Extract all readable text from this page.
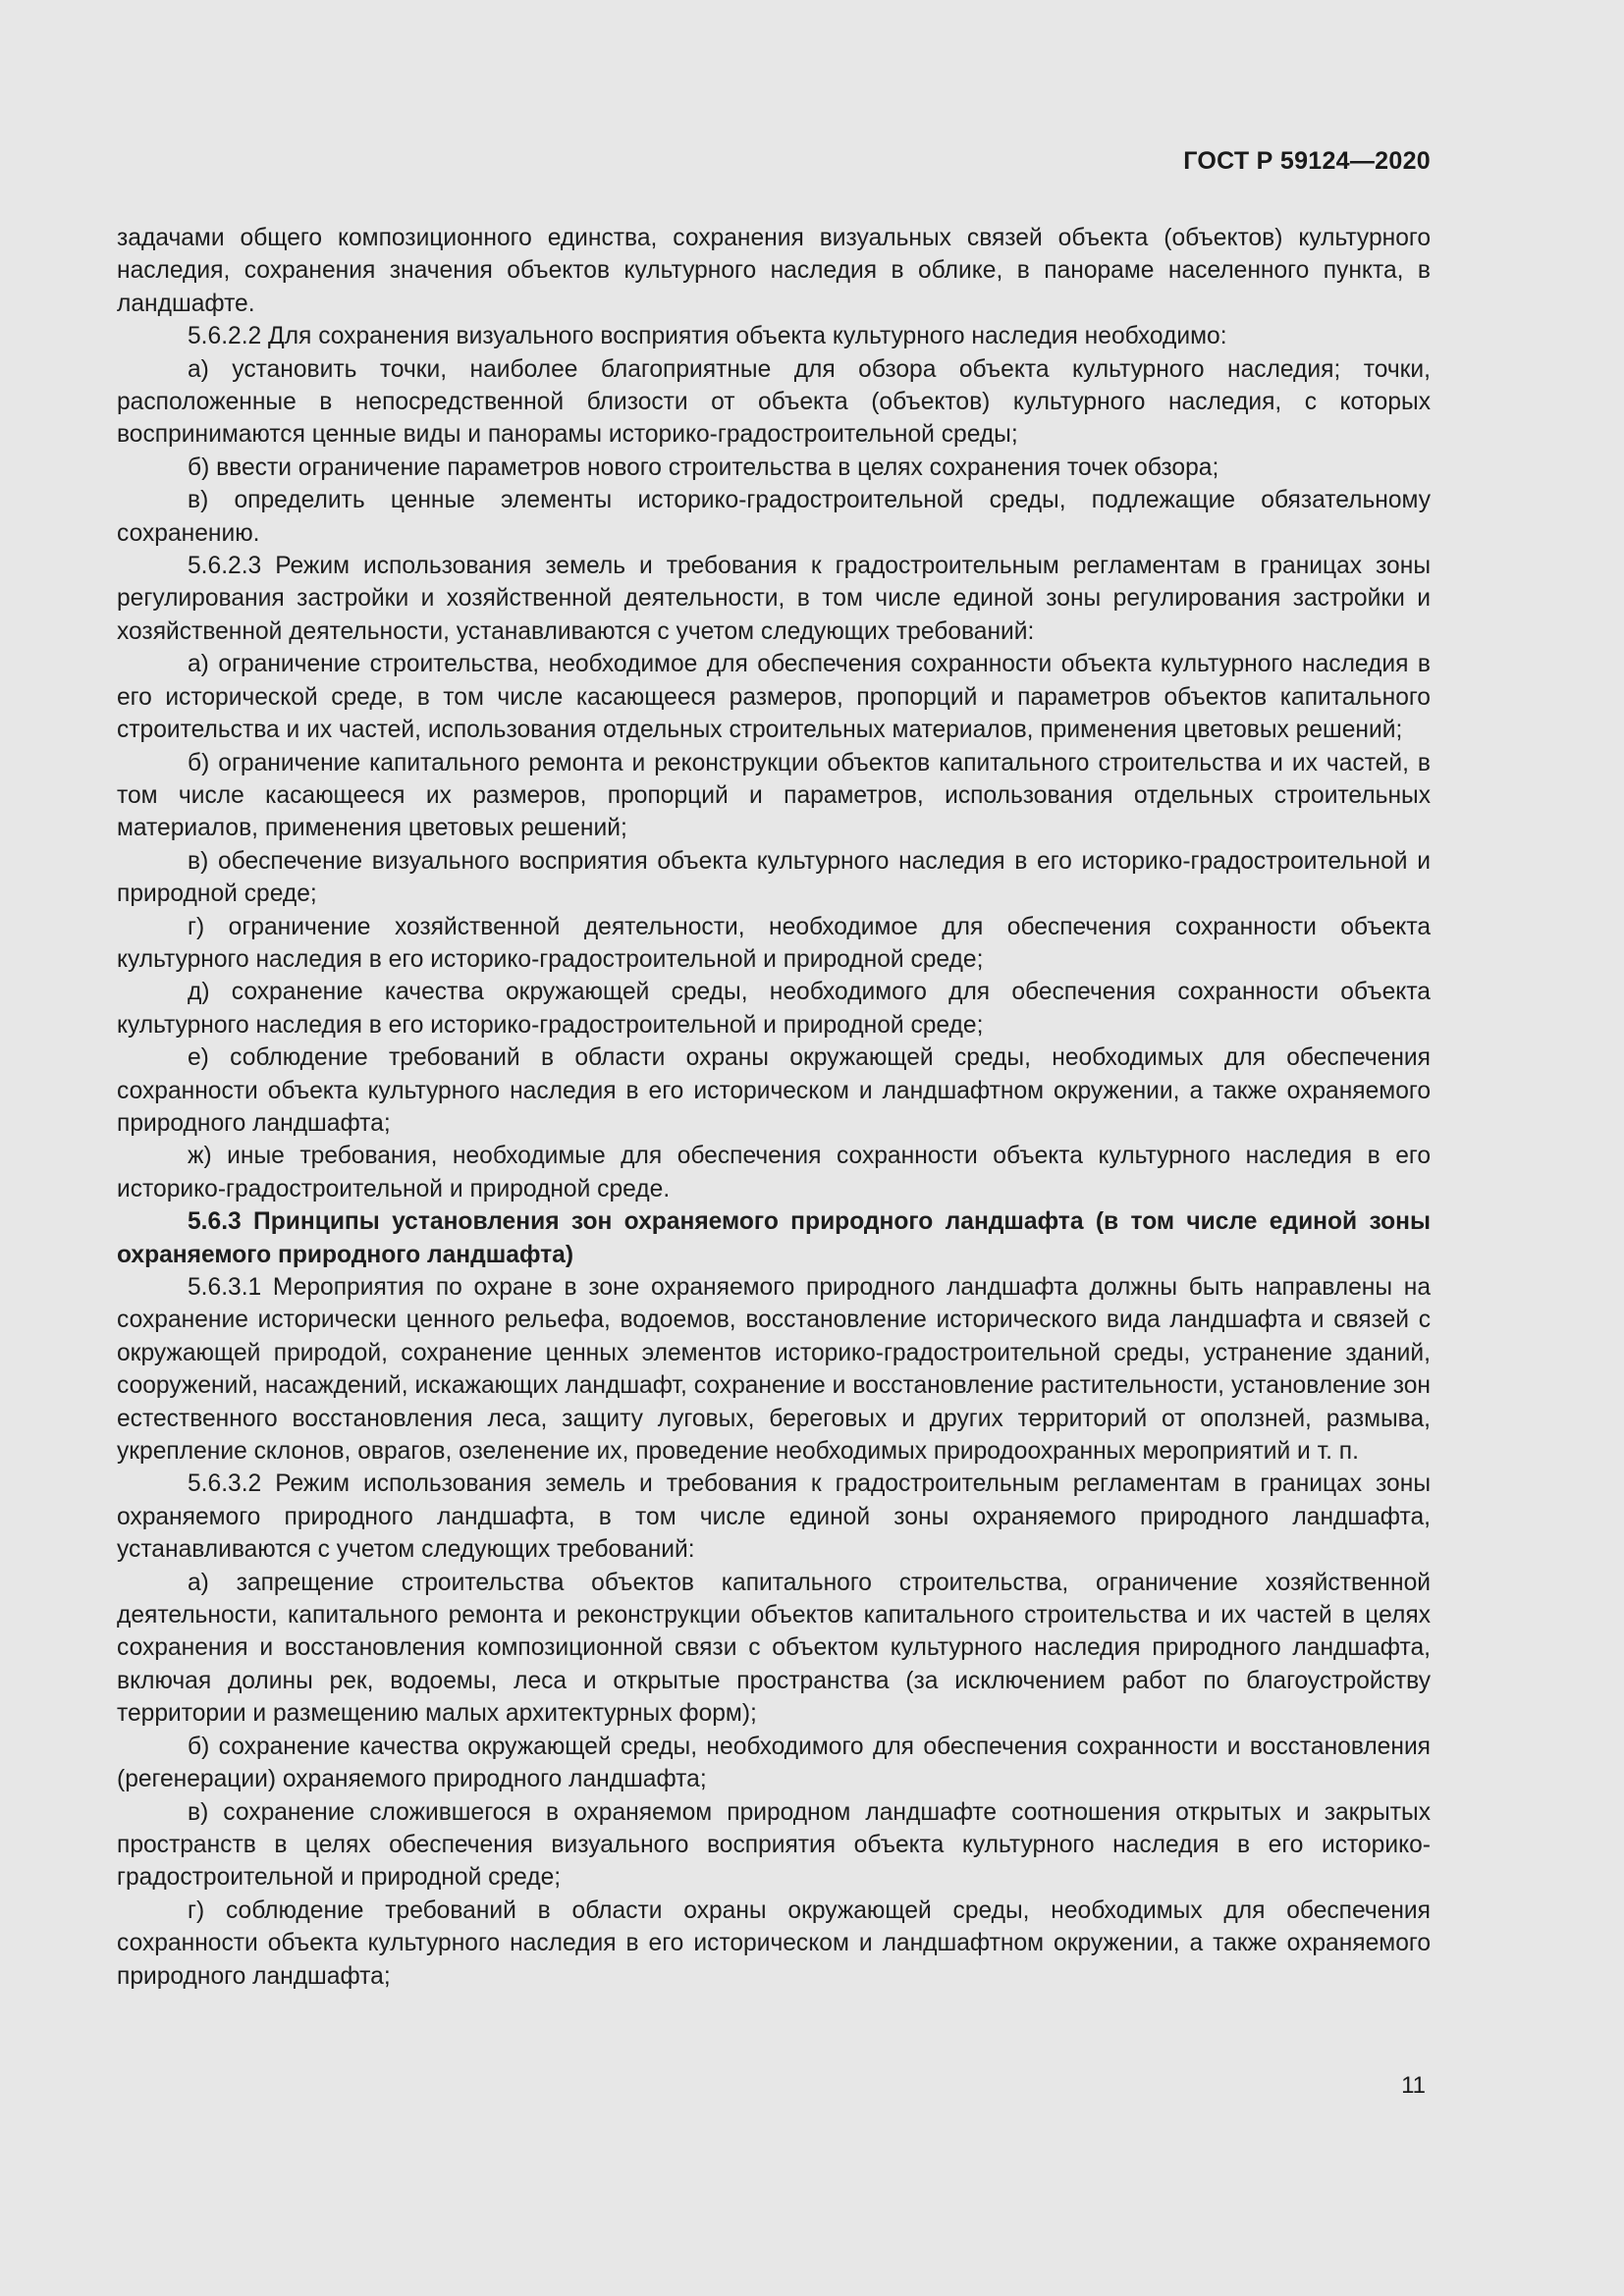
ГОСТ Р 59124—2020

задачами общего композиционного единства, сохранения визуальных связей объекта (объектов) культурного наследия, сохранения значения объектов культурного наследия в облике, в панораме населенного пункта, в ландшафте.

5.6.2.2 Для сохранения визуального восприятия объекта культурного наследия необходимо:

а) установить точки, наиболее благоприятные для обзора объекта культурного наследия; точки, расположенные в непосредственной близости от объекта (объектов) культурного наследия, с которых воспринимаются ценные виды и панорамы историко-градостроительной среды;

б) ввести ограничение параметров нового строительства в целях сохранения точек обзора;

в) определить ценные элементы историко-градостроительной среды, подлежащие обязательному сохранению.

5.6.2.3 Режим использования земель и требования к градостроительным регламентам в границах зоны регулирования застройки и хозяйственной деятельности, в том числе единой зоны регулирования застройки и хозяйственной деятельности, устанавливаются с учетом следующих требований:

а) ограничение строительства, необходимое для обеспечения сохранности объекта культурного наследия в его исторической среде, в том числе касающееся размеров, пропорций и параметров объектов капитального строительства и их частей, использования отдельных строительных материалов, применения цветовых решений;

б) ограничение капитального ремонта и реконструкции объектов капитального строительства и их частей, в том числе касающееся их размеров, пропорций и параметров, использования отдельных строительных материалов, применения цветовых решений;

в) обеспечение визуального восприятия объекта культурного наследия в его историко-градостроительной и природной среде;

г) ограничение хозяйственной деятельности, необходимое для обеспечения сохранности объекта культурного наследия в его историко-градостроительной и природной среде;

д) сохранение качества окружающей среды, необходимого для обеспечения сохранности объекта культурного наследия в его историко-градостроительной и природной среде;

е) соблюдение требований в области охраны окружающей среды, необходимых для обеспечения сохранности объекта культурного наследия в его историческом и ландшафтном окружении, а также охраняемого природного ландшафта;

ж) иные требования, необходимые для обеспечения сохранности объекта культурного наследия в его историко-градостроительной и природной среде.

5.6.3 Принципы установления зон охраняемого природного ландшафта (в том числе единой зоны охраняемого природного ландшафта)

5.6.3.1 Мероприятия по охране в зоне охраняемого природного ландшафта должны быть направлены на сохранение исторически ценного рельефа, водоемов, восстановление исторического вида ландшафта и связей с окружающей природой, сохранение ценных элементов историко-градостроительной среды, устранение зданий, сооружений, насаждений, искажающих ландшафт, сохранение и восстановление растительности, установление зон естественного восстановления леса, защиту луговых, береговых и других территорий от оползней, размыва, укрепление склонов, оврагов, озеленение их, проведение необходимых природоохранных мероприятий и т. п.

5.6.3.2 Режим использования земель и требования к градостроительным регламентам в границах зоны охраняемого природного ландшафта, в том числе единой зоны охраняемого природного ландшафта, устанавливаются с учетом следующих требований:

а) запрещение строительства объектов капитального строительства, ограничение хозяйственной деятельности, капитального ремонта и реконструкции объектов капитального строительства и их частей в целях сохранения и восстановления композиционной связи с объектом культурного наследия природного ландшафта, включая долины рек, водоемы, леса и открытые пространства (за исключением работ по благоустройству территории и размещению малых архитектурных форм);

б) сохранение качества окружающей среды, необходимого для обеспечения сохранности и восстановления (регенерации) охраняемого природного ландшафта;

в) сохранение сложившегося в охраняемом природном ландшафте соотношения открытых и закрытых пространств в целях обеспечения визуального восприятия объекта культурного наследия в его историко-градостроительной и природной среде;

г) соблюдение требований в области охраны окружающей среды, необходимых для обеспечения сохранности объекта культурного наследия в его историческом и ландшафтном окружении, а также охраняемого природного ландшафта;

11
